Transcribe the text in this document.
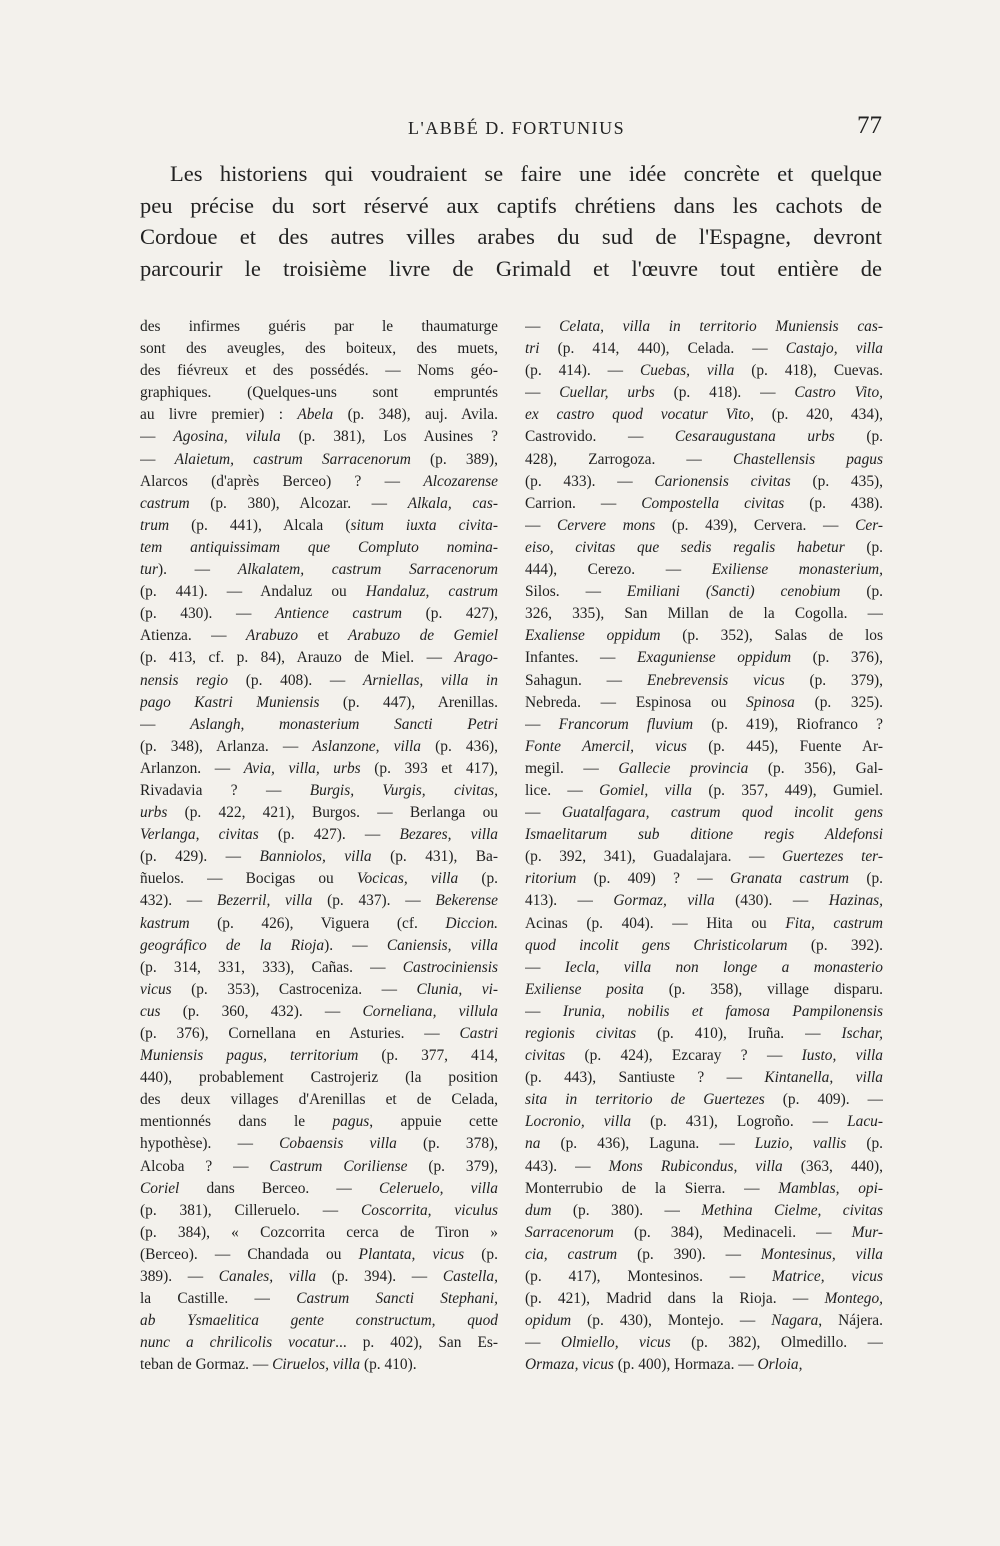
L'ABBÉ D. FORTUNIUS	77
Les historiens qui voudraient se faire une idée concrète et quelque
peu précise du sort réservé aux captifs chrétiens dans les cachots de
Cordoue et des autres villes arabes du sud de l'Espagne, devront
parcourir le troisième livre de Grimald et l'œuvre tout entière de
des infirmes guéris par le thaumaturge
sont des aveugles, des boiteux, des muets,
des fiévreux et des possédés. — Noms géo-
graphiques. (Quelques-uns sont empruntés
au livre premier) : Abela (p. 348), auj. Avila.
— Agosina, vilula (p. 381), Los Ausines ?
— Alaietum, castrum Sarracenorum (p. 389),
Alarcos (d'après Berceo) ? — Alcozarense
castrum (p. 380), Alcozar. — Alkala, cas-
trum (p. 441), Alcala (situm iuxta civita-
tem antiquissimam que Compluto nomina-
tur). — Alkalatem, castrum Sarracenorum
(p. 441). — Andaluz ou Handaluz, castrum
(p. 430). — Antience castrum (p. 427),
Atienza. — Arabuzo et Arabuzo de Gemiel
(p. 413, cf. p. 84), Arauzo de Miel. — Arago-
nensis regio (p. 408). — Arniellas, villa in
pago Kastri Muniensis (p. 447), Arenillas.
— Aslangh, monasterium Sancti Petri
(p. 348), Arlanza. — Aslanzone, villa (p. 436),
Arlanzon. — Avia, villa, urbs (p. 393 et 417),
Rivadavia ? — Burgis, Vurgis, civitas,
urbs (p. 422, 421), Burgos. — Berlanga ou
Verlanga, civitas (p. 427). — Bezares, villa
(p. 429). — Banniolos, villa (p. 431), Ba-
ñuelos. — Bocigas ou Vocicas, villa (p.
432). — Bezerril, villa (p. 437). — Bekerense
kastrum (p. 426), Viguera (cf. Diccion.
geográfico de la Rioja). — Caniensis, villa
(p. 314, 331, 333), Cañas. — Castrociniensis
vicus (p. 353), Castroceniza. — Clunia, vi-
cus (p. 360, 432). — Corneliana, villula
(p. 376), Cornellana en Asturies. — Castri
Muniensis pagus, territorium (p. 377, 414,
440), probablement Castrojeriz (la position
des deux villages d'Arenillas et de Celada,
mentionnés dans le pagus, appuie cette
hypothèse). — Cobaensis villa (p. 378),
Alcoba ? — Castrum Coriliense (p. 379),
Coriel dans Berceo. — Celeruelo, villa
(p. 381), Cilleruelo. — Coscorrita, viculus
(p. 384), « Cozcorrita cerca de Tiron »
(Berceo). — Chandada ou Plantata, vicus (p.
389). — Canales, villa (p. 394). — Castella,
la Castille. — Castrum Sancti Stephani,
ab Ysmaelitica gente constructum, quod
nunc a chrilicolis vocatur... p. 402), San Es-
teban de Gormaz. — Ciruelos, villa (p. 410).
— Celata, villa in territorio Muniensis cas-
tri (p. 414, 440), Celada. — Castajo, villa
(p. 414). — Cuebas, villa (p. 418), Cuevas.
— Cuellar, urbs (p. 418). — Castro Vito,
ex castro quod vocatur Vito, (p. 420, 434),
Castrovido. — Cesaraugustana urbs (p.
428), Zarrogoza. — Chastellensis pagus
(p. 433). — Carionensis civitas (p. 435),
Carrion. — Compostella civitas (p. 438).
— Cervere mons (p. 439), Cervera. — Cer-
eiso, civitas que sedis regalis habetur (p.
444), Cerezo. — Exiliense monasterium,
Silos. — Emiliani (Sancti) cenobium (p.
326, 335), San Millan de la Cogolla. —
Exaliense oppidum (p. 352), Salas de los
Infantes. — Exaguniense oppidum (p. 376),
Sahagun. — Enebrevensis vicus (p. 379),
Nebreda. — Espinosa ou Spinosa (p. 325).
— Francorum fluvium (p. 419), Riofranco ?
Fonte Amercil, vicus (p. 445), Fuente Ar-
megil. — Gallecie provincia (p. 356), Gal-
lice. — Gomiel, villa (p. 357, 449), Gumiel.
— Guatalfagara, castrum quod incolit gens
Ismaelitarum sub ditione regis Aldefonsi
(p. 392, 341), Guadalajara. — Guertezes ter-
ritorium (p. 409) ? — Granata castrum (p.
413). — Gormaz, villa (430). — Hazinas,
Acinas (p. 404). — Hita ou Fita, castrum
quod incolit gens Christicolarum (p. 392).
— Iecla, villa non longe a monasterio
Exiliense posita (p. 358), village disparu.
— Irunia, nobilis et famosa Pampilonensis
regionis civitas (p. 410), Iruña. — Ischar,
civitas (p. 424), Ezcaray ? — Iusto, villa
(p. 443), Santiuste ? — Kintanella, villa
sita in territorio de Guertezes (p. 409). —
Locronio, villa (p. 431), Logroño. — Lacu-
na (p. 436), Laguna. — Luzio, vallis (p.
443). — Mons Rubicondus, villa (363, 440),
Monterrubio de la Sierra. — Mamblas, opi-
dum (p. 380). — Methina Cielme, civitas
Sarracenorum (p. 384), Medinaceli. — Mur-
cia, castrum (p. 390). — Montesinus, villa
(p. 417), Montesinos. — Matrice, vicus
(p. 421), Madrid dans la Rioja. — Montego,
opidum (p. 430), Montejo. — Nagara, Nájera.
— Olmiello, vicus (p. 382), Olmedillo. —
Ormaza, vicus (p. 400), Hormaza. — Orloia,
